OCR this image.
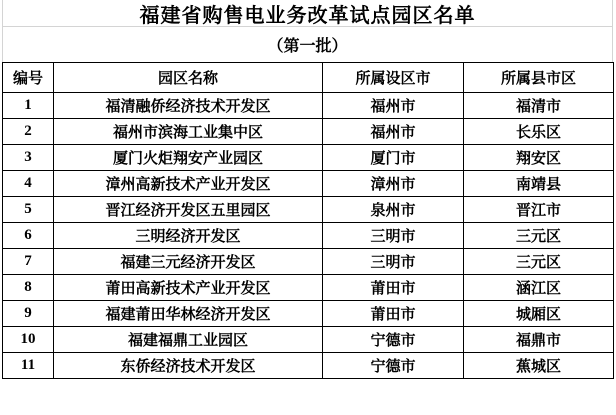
福建省购售电业务改革试点园区名单
（第一批）
编号	园区名称	所属设区市	所属县市区
1	福清融侨经济技术开发区	福州市	福清市
2	福州市滨海工业集中区	福州市	长乐区
3	厦门火炬翔安产业园区	厦门市	翔安区
4	漳州高新技术产业开发区	漳州市	南靖县
5	晋江经济开发区五里园区	泉州市	晋江市
6	三明经济开发区	三明市	三元区
7	福建三元经济开发区	三明市	三元区
8	莆田高新技术产业开发区	莆田市	涵江区
9	福建莆田华林经济开发区	莆田市	城厢区
10	福建福鼎工业园区	宁德市	福鼎市
11	东侨经济技术开发区	宁德市	蕉城区
